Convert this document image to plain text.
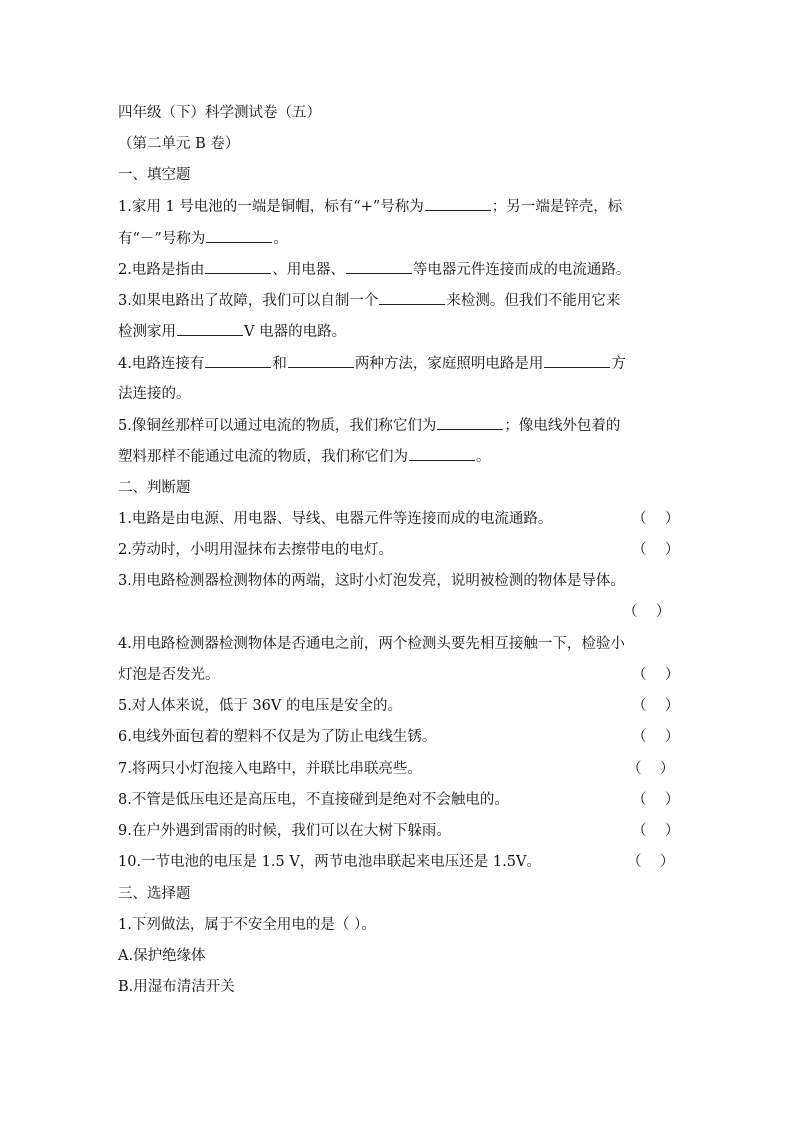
四年级（下）科学测试卷（五）
（第二单元 B 卷）
一、填空题
1.家用 1 号电池的一端是铜帽，标有“+”号称为	；另一端是锌壳，标
有“－”号称为	。
2.电路是指由	、用电器、	等电器元件连接而成的电流通路。
3.如果电路出了故障，我们可以自制一个	来检测。但我们不能用它来
检测家用	V 电器的电路。
4.电路连接有	和	两种方法，家庭照明电路是用	方
法连接的。
5.像铜丝那样可以通过电流的物质，我们称它们为	；像电线外包着的
塑料那样不能通过电流的物质，我们称它们为	。
二、判断题
1.电路是由电源、用电器、导线、电器元件等连接而成的电流通路。	（    ）
2.劳动时，小明用湿抹布去擦带电的电灯。	（    ）
3.用电路检测器检测物体的两端，这时小灯泡发亮，说明被检测的物体是导体。
（    ）
4.用电路检测器检测物体是否通电之前，两个检测头要先相互接触一下，检验小
灯泡是否发光。	（    ）
5.对人体来说，低于 36V 的电压是安全的。	（    ）
6.电线外面包着的塑料不仅是为了防止电线生锈。	（    ）
7.将两只小灯泡接入电路中，并联比串联亮些。	（    ）
8.不管是低压电还是高压电，不直接碰到是绝对不会触电的。	（    ）
9.在户外遇到雷雨的时候，我们可以在大树下躲雨。	（    ）
10.一节电池的电压是 1.5 V，两节电池串联起来电压还是 1.5V。	（    ）
三、选择题
1.下列做法，属于不安全用电的是（ ）。
A.保护绝缘体
B.用湿布清洁开关
